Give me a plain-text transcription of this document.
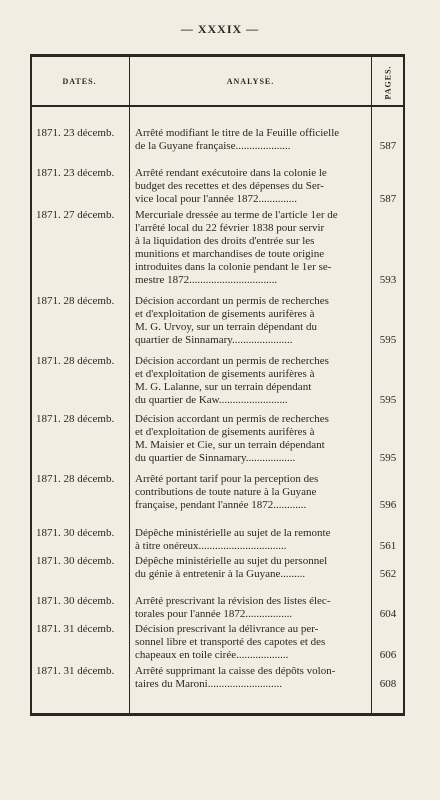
— XXXIX —
DATES.	ANALYSE.	PAGES.
1871. 23 décemb. Arrêté modifiant le titre de la Feuille officielle
de la Guyane française....................	587
1871. 23 décemb. Arrêté rendant exécutoire dans la colonie le
budget des recettes et des dépenses du Ser-
vice local pour l'année 1872..............	587
1871. 27 décemb. Mercuriale dressée au terme de l'article 1er de
l'arrêté local du 22 février 1838 pour servir
à la liquidation des droits d'entrée sur les
munitions et marchandises de toute origine
introduites dans la colonie pendant le 1er se-
mestre 1872................................	593
1871. 28 décemb. Décision accordant un permis de recherches
et d'exploitation de gisements aurifères à
M. G. Urvoy, sur un terrain dépendant du
quartier de Sinnamary......................	595
1871. 28 décemb. Décision accordant un permis de recherches
et d'exploitation de gisements aurifères à
M. G. Lalanne, sur un terrain dépendant
du quartier de Kaw.........................	595
1871. 28 décemb. Décision accordant un permis de recherches
et d'exploitation de gisements aurifères à
M. Maisier et Cie, sur un terrain dépendant
du quartier de Sinnamary..................	595
1871. 28 décemb. Arrêté portant tarif pour la perception des
contributions de toute nature à la Guyane
française, pendant l'année 1872............	596
1871. 30 décemb. Dépêche ministérielle au sujet de la remonte
à titre onéreux................................	561
1871. 30 décemb. Dépêche ministérielle au sujet du personnel
du génie à entretenir à la Guyane.........	562
1871. 30 décemb. Arrêté prescrivant la révision des listes élec-
torales pour l'année 1872.................	604
1871. 31 décemb. Décision prescrivant la délivrance au per-
sonnel libre et transporté des capotes et des
chapeaux en toile cirée...................	606
1871. 31 décemb. Arrêté supprimant la caisse des dépôts volon-
taires du Maroni...........................	608
